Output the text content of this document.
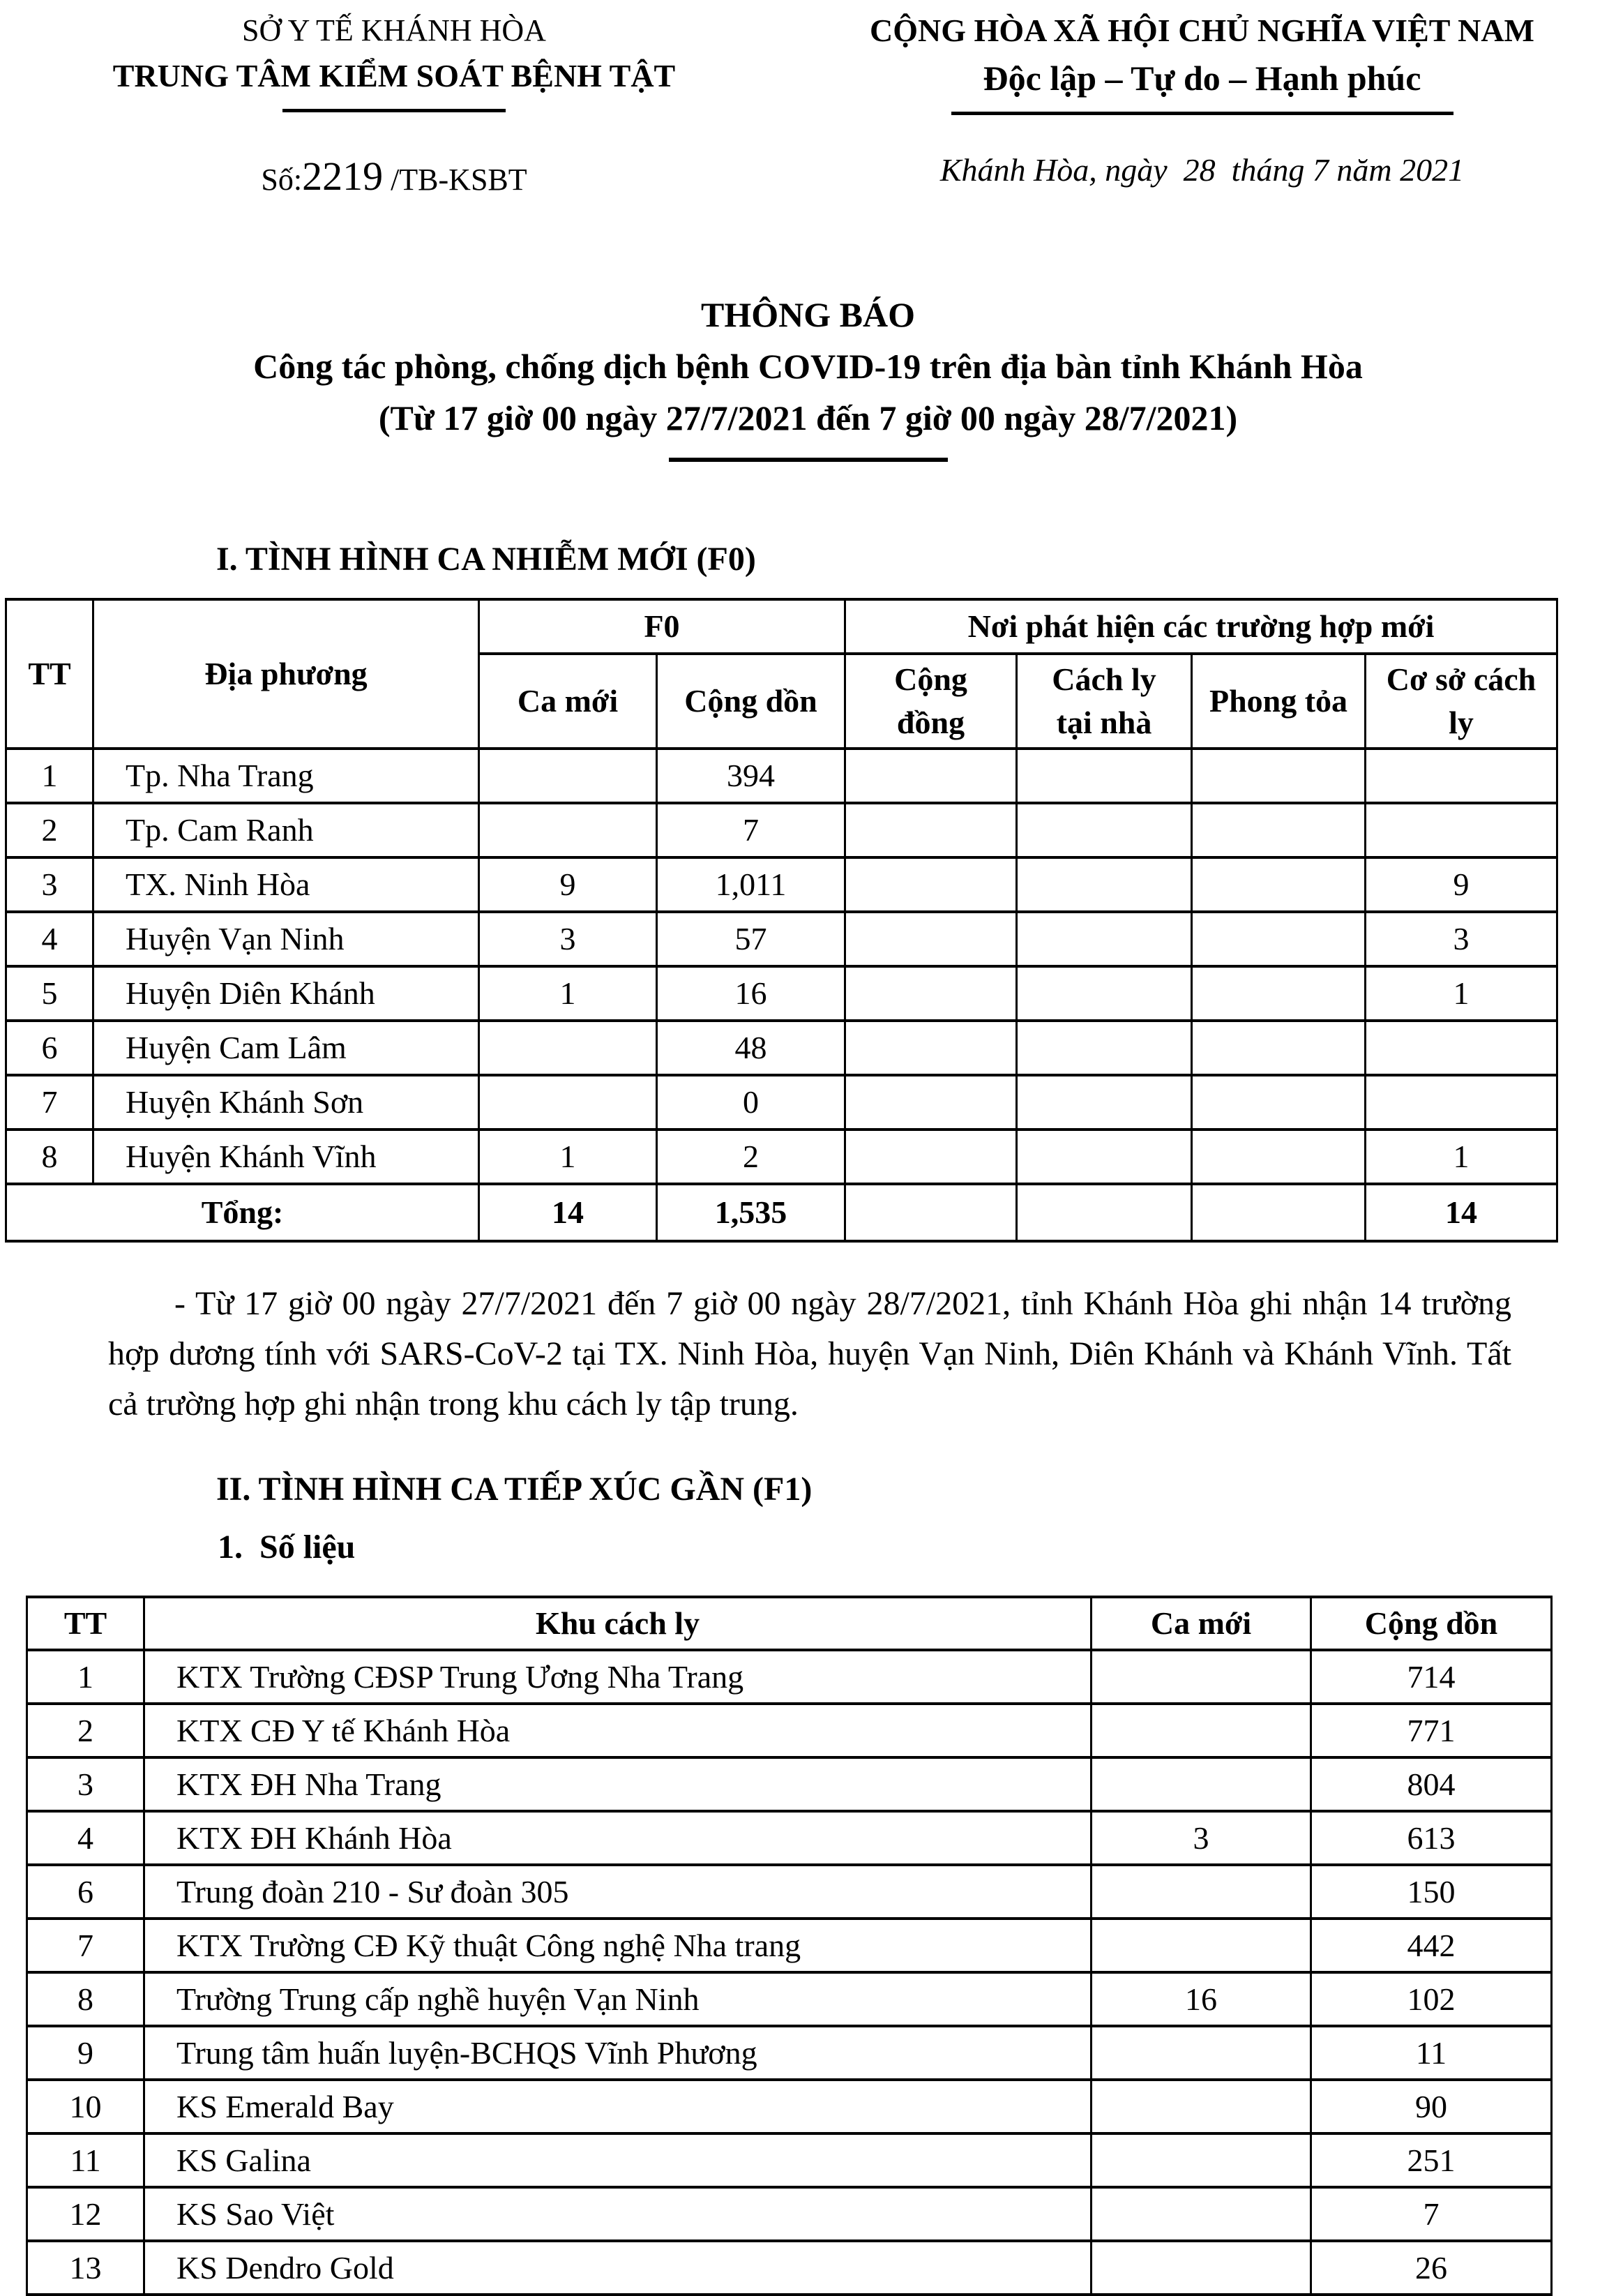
SỞ Y TẾ KHÁNH HÒA
TRUNG TÂM KIỂM SOÁT BỆNH TẬT
Số:2219 /TB-KSBT
CỘNG HÒA XÃ HỘI CHỦ NGHĨA VIỆT NAM
Độc lập – Tự do – Hạnh phúc
Khánh Hòa, ngày  28  tháng 7 năm 2021
THÔNG BÁO
Công tác phòng, chống dịch bệnh COVID-19 trên địa bàn tỉnh Khánh Hòa
(Từ 17 giờ 00 ngày 27/7/2021 đến 7 giờ 00 ngày 28/7/2021)
I. TÌNH HÌNH CA NHIỄM MỚI (F0)
TT	Địa phương	F0		Nơi phát hiện các trường hợp mới			
		Ca mới	Cộng dồn	Cộng đồng	Cách ly tại nhà	Phong tỏa	Cơ sở cách ly
1	Tp. Nha Trang		394				
2	Tp. Cam Ranh		7				
3	TX. Ninh Hòa	9	1,011				9
4	Huyện Vạn Ninh	3	57				3
5	Huyện Diên Khánh	1	16				1
6	Huyện Cam Lâm		48				
7	Huyện Khánh Sơn		0				
8	Huyện Khánh Vĩnh	1	2				1
Tổng:		14	1,535				14

- Từ 17 giờ 00 ngày 27/7/2021 đến 7 giờ 00 ngày 28/7/2021, tỉnh Khánh Hòa ghi nhận 14 trường hợp dương tính với SARS-CoV-2 tại TX. Ninh Hòa, huyện Vạn Ninh, Diên Khánh và Khánh Vĩnh. Tất cả trường hợp ghi nhận trong khu cách ly tập trung.

II. TÌNH HÌNH CA TIẾP XÚC GẦN (F1)
1.  Số liệu
TT	Khu cách ly	Ca mới	Cộng dồn
1	KTX Trường CĐSP Trung Ương Nha Trang		714
2	KTX CĐ Y tế Khánh Hòa		771
3	KTX ĐH Nha Trang		804
4	KTX ĐH Khánh Hòa	3	613
6	Trung đoàn 210 - Sư đoàn 305		150
7	KTX Trường CĐ Kỹ thuật Công nghệ Nha trang		442
8	Trường Trung cấp nghề huyện Vạn Ninh	16	102
9	Trung tâm huấn luyện-BCHQS Vĩnh Phương		11
10	KS Emerald Bay		90
11	KS Galina		251
12	KS Sao Việt		7
13	KS Dendro Gold		26
